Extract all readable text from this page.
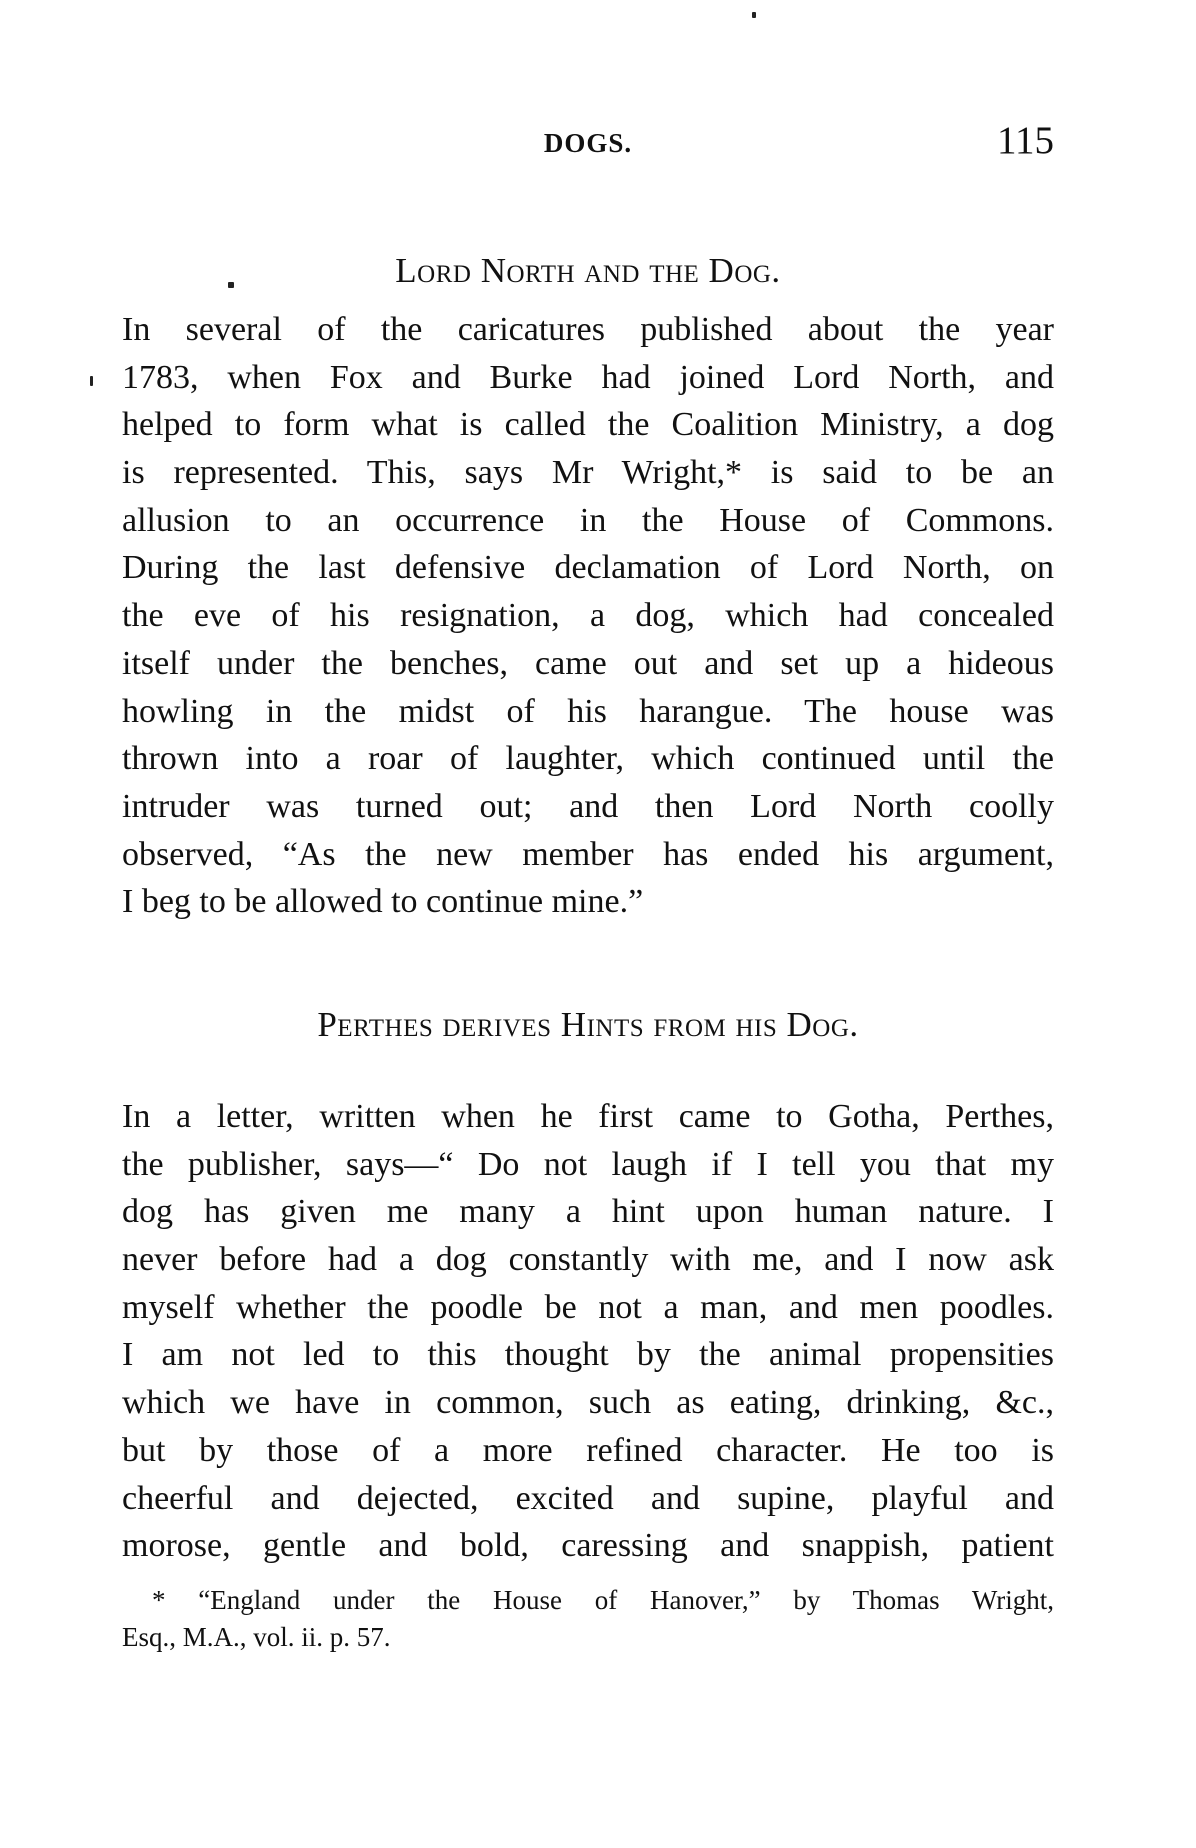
DOGS.	115
Lord North and the Dog.
In several of the caricatures published about the year
1783, when Fox and Burke had joined Lord North, and
helped to form what is called the Coalition Ministry, a dog
is represented. This, says Mr Wright,* is said to be an
allusion to an occurrence in the House of Commons.
During the last defensive declamation of Lord North, on
the eve of his resignation, a dog, which had concealed
itself under the benches, came out and set up a hideous
howling in the midst of his harangue. The house was
thrown into a roar of laughter, which continued until the
intruder was turned out; and then Lord North coolly
observed, “As the new member has ended his argument,
I beg to be allowed to continue mine.”
Perthes derives Hints from his Dog.
In a letter, written when he first came to Gotha, Perthes,
the publisher, says—“ Do not laugh if I tell you that my
dog has given me many a hint upon human nature. I
never before had a dog constantly with me, and I now ask
myself whether the poodle be not a man, and men poodles.
I am not led to this thought by the animal propensities
which we have in common, such as eating, drinking, &c.,
but by those of a more refined character. He too is
cheerful and dejected, excited and supine, playful and
morose, gentle and bold, caressing and snappish, patient
* “England under the House of Hanover,” by Thomas Wright,
Esq., M.A., vol. ii. p. 57.
